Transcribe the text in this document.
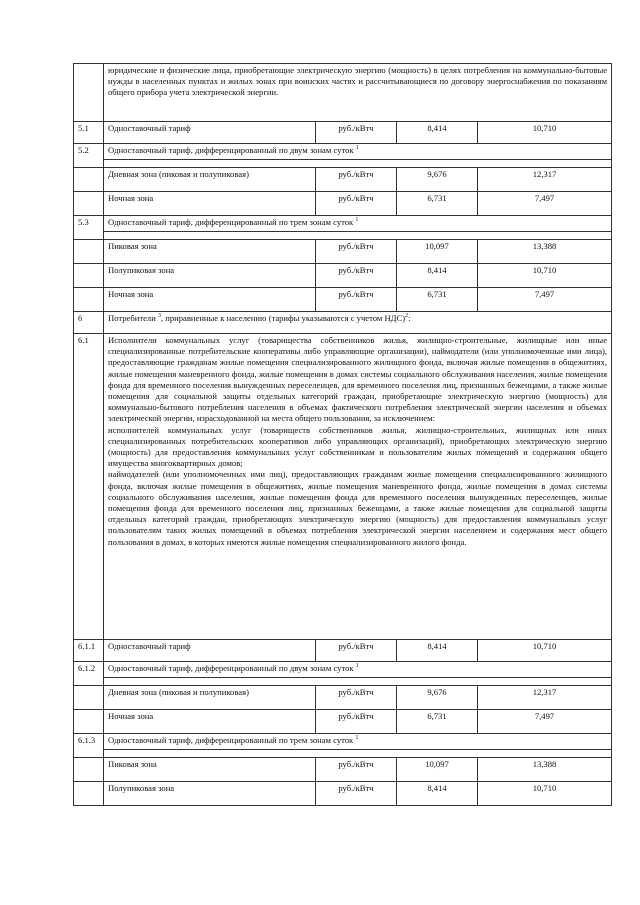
	юридические и физические лица, приобретающие электрическую энергию (мощность) в целях потребления на коммунально-бытовые нужды в населенных пунктах и жилых зонах при воинских частях и рассчитывающиеся по договору энергоснабжения по показаниям общего прибора учета электрической энергии.			
5.1	Одноставочный тариф	руб./кВтч	8,414	10,710
5.2	Одноставочный тариф, дифференцированный по двум зонам суток $^1$

	Дневная зона (пиковая и полупиковая)	руб./кВтч	9,676	12,317
	Ночная зона	руб./кВтч	6,731	7,497
5.3	Одноставочный тариф, дифференцированный по трем зонам суток $^1$

	Пиковая зона	руб./кВтч	10,097	13,388
	Полупиковая зона	руб./кВтч	8,414	10,710
	Ночная зона	руб./кВтч	6,731	7,497
6	Потребители $^3$, приравненные к населению (тарифы указываются с учетом НДС)$^2$:			
6.1	Исполнители коммунальных услуг (товарищества собственников жилья, жилищно-строительные, жилищные или иные специализированные потребительские кооперативы либо управляющие организации), наймодатели (или уполномоченные ими лица), предоставляющие гражданам жилые помещения специализированного жилищного фонда, включая жилые помещения в общежитиях, жилые помещения маневренного фонда, жилые помещения в домах системы социального обслуживания населения, жилые помещения фонда для временного поселения вынужденных переселенцев, для временного поселения лиц, признанных беженцами, а также жилые помещения для социальной защиты отдельных категорий граждан, приобретающие электрическую энергию (мощность) для коммунально-бытового потребления населения в объемах фактического потребления электрической энергии населения и объемах электрической энергии, израсходованной на места общего пользования, за исключением:
исполнителей коммунальных услуг (товариществ собственников жилья, жилищно-строительных, жилищных или иных специализированных потребительских кооперативов либо управляющих организаций), приобретающих электрическую энергию (мощность) для предоставления коммунальных услуг собственникам и пользователям жилых помещений и содержания общего имущества многоквартирных домов;
наймодателей (или уполномоченных ими лиц), предоставляющих гражданам жилые помещения специализированного жилищного фонда, включая жилые помещения в общежитиях, жилые помещения маневренного фонда, жилые помещения в домах системы социального обслуживания населения, жилые помещения фонда для временного поселения вынужденных переселенцев, жилые помещения фонда для временного поселения лиц, признанных беженцами, а также жилые помещения для социальной защиты отдельных категорий граждан, приобретающих электрическую энергию (мощность) для предоставления коммунальных услуг пользователям таких жилых помещений в объемах потребления электрической энергии населением и содержания мест общего пользования в домах, в которых имеются жилые помещения специализированного жилого фонда.			
6.1.1	Одноставочный тариф	руб./кВтч	8,414	10,710
6.1.2	Одноставочный тариф, дифференцированный по двум зонам суток $^1$

	Дневная зона (пиковая и полупиковая)	руб./кВтч	9,676	12,317
	Ночная зона	руб./кВтч	6,731	7,497
6.1.3	Одноставочный тариф, дифференцированный по трем зонам суток $^1$

	Пиковая зона	руб./кВтч	10,097	13,388
	Полупиковая зона	руб./кВтч	8,414	10,710
